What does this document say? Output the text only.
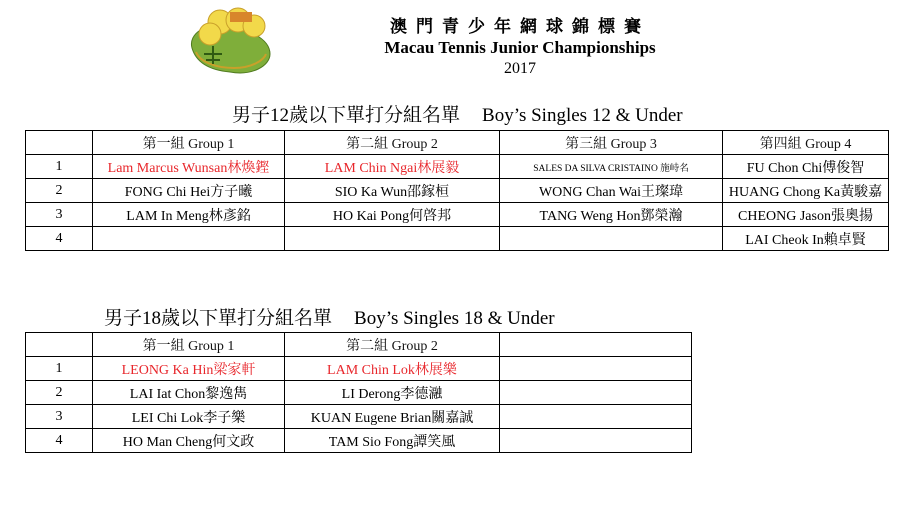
澳門青少年網球錦標賽
Macau Tennis Junior Championships
2017
男子12歲以下單打分組名單 Boy’s Singles 12 & Under
	第一組 Group 1	第二組 Group 2	第三組 Group 3	第四組 Group 4
1	Lam Marcus Wunsan林煥鏗	LAM Chin Ngai林展毅	SALES DA SILVA CRISTAINO 施峙名	FU Chon Chi傅俊智
2	FONG Chi Hei方子曦	SIO Ka Wun邵鎵桓	WONG Chan Wai王璨瑋	HUANG Chong Ka黃駿嘉
3	LAM In Meng林彥銘	HO Kai Pong何啓邦	TANG Weng Hon鄧榮瀚	CHEONG Jason張奧揚
4				LAI Cheok In賴卓賢
男子18歲以下單打分組名單 Boy’s Singles 18 & Under
	第一組 Group 1	第二組 Group 2	
1	LEONG Ka Hin梁家軒	LAM Chin Lok林展樂	
2	LAI Iat Chon黎逸雋	LI Derong李德瀜	
3	LEI Chi Lok李子樂	KUAN Eugene Brian關嘉誠	
4	HO Man Cheng何文政	TAM Sio Fong譚笑風	
